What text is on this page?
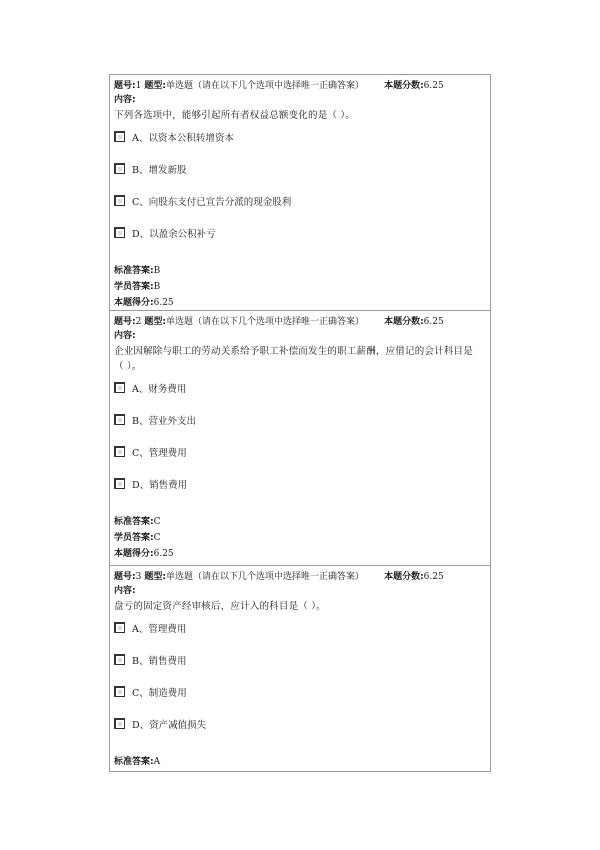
题号:1 题型:单选题（请在以下几个选项中选择唯一正确答案） 本题分数:6.25
内容:
下列各选项中，能够引起所有者权益总额变化的是（ ）。
A、以资本公积转增资本
B、增发新股
C、向股东支付已宣告分派的现金股利
D、以盈余公积补亏
标准答案:B
学员答案:B
本题得分:6.25
题号:2 题型:单选题（请在以下几个选项中选择唯一正确答案） 本题分数:6.25
内容:
企业因解除与职工的劳动关系给予职工补偿而发生的职工薪酬，应借记的会计科目是（ ）。
A、财务费用
B、营业外支出
C、管理费用
D、销售费用
标准答案:C
学员答案:C
本题得分:6.25
题号:3 题型:单选题（请在以下几个选项中选择唯一正确答案） 本题分数:6.25
内容:
盘亏的固定资产经审核后，应计入的科目是（ ）。
A、管理费用
B、销售费用
C、制造费用
D、资产减值损失
标准答案:A
